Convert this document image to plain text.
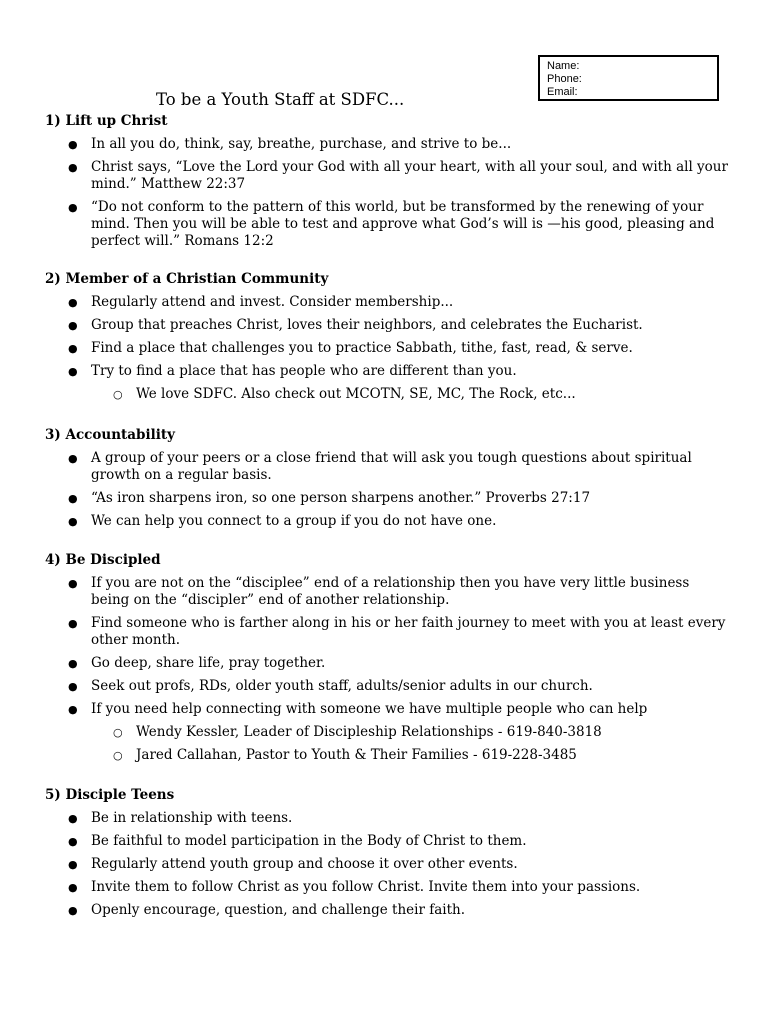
Name:
Phone:
Email:
To be a Youth Staff at SDFC...
1) Lift up Christ
● In all you do, think, say, breathe, purchase, and strive to be...
● Christ says, “Love the Lord your God with all your heart, with all your soul, and with all your mind.” Matthew 22:37
● “Do not conform to the pattern of this world, but be transformed by the renewing of your mind. Then you will be able to test and approve what God’s will is —his good, pleasing and perfect will.” Romans 12:2
2) Member of a Christian Community
● Regularly attend and invest. Consider membership...
● Group that preaches Christ, loves their neighbors, and celebrates the Eucharist.
● Find a place that challenges you to practice Sabbath, tithe, fast, read, & serve.
● Try to find a place that has people who are different than you.
○ We love SDFC. Also check out MCOTN, SE, MC, The Rock, etc...
3) Accountability
● A group of your peers or a close friend that will ask you tough questions about spiritual growth on a regular basis.
● “As iron sharpens iron, so one person sharpens another.” Proverbs 27:17
● We can help you connect to a group if you do not have one.
4) Be Discipled
● If you are not on the “disciplee” end of a relationship then you have very little business being on the “discipler” end of another relationship.
● Find someone who is farther along in his or her faith journey to meet with you at least every other month.
● Go deep, share life, pray together.
● Seek out profs, RDs, older youth staff, adults/senior adults in our church.
● If you need help connecting with someone we have multiple people who can help
○ Wendy Kessler, Leader of Discipleship Relationships - 619-840-3818
○ Jared Callahan, Pastor to Youth & Their Families - 619-228-3485
5) Disciple Teens
● Be in relationship with teens.
● Be faithful to model participation in the Body of Christ to them.
● Regularly attend youth group and choose it over other events.
● Invite them to follow Christ as you follow Christ. Invite them into your passions.
● Openly encourage, question, and challenge their faith.
